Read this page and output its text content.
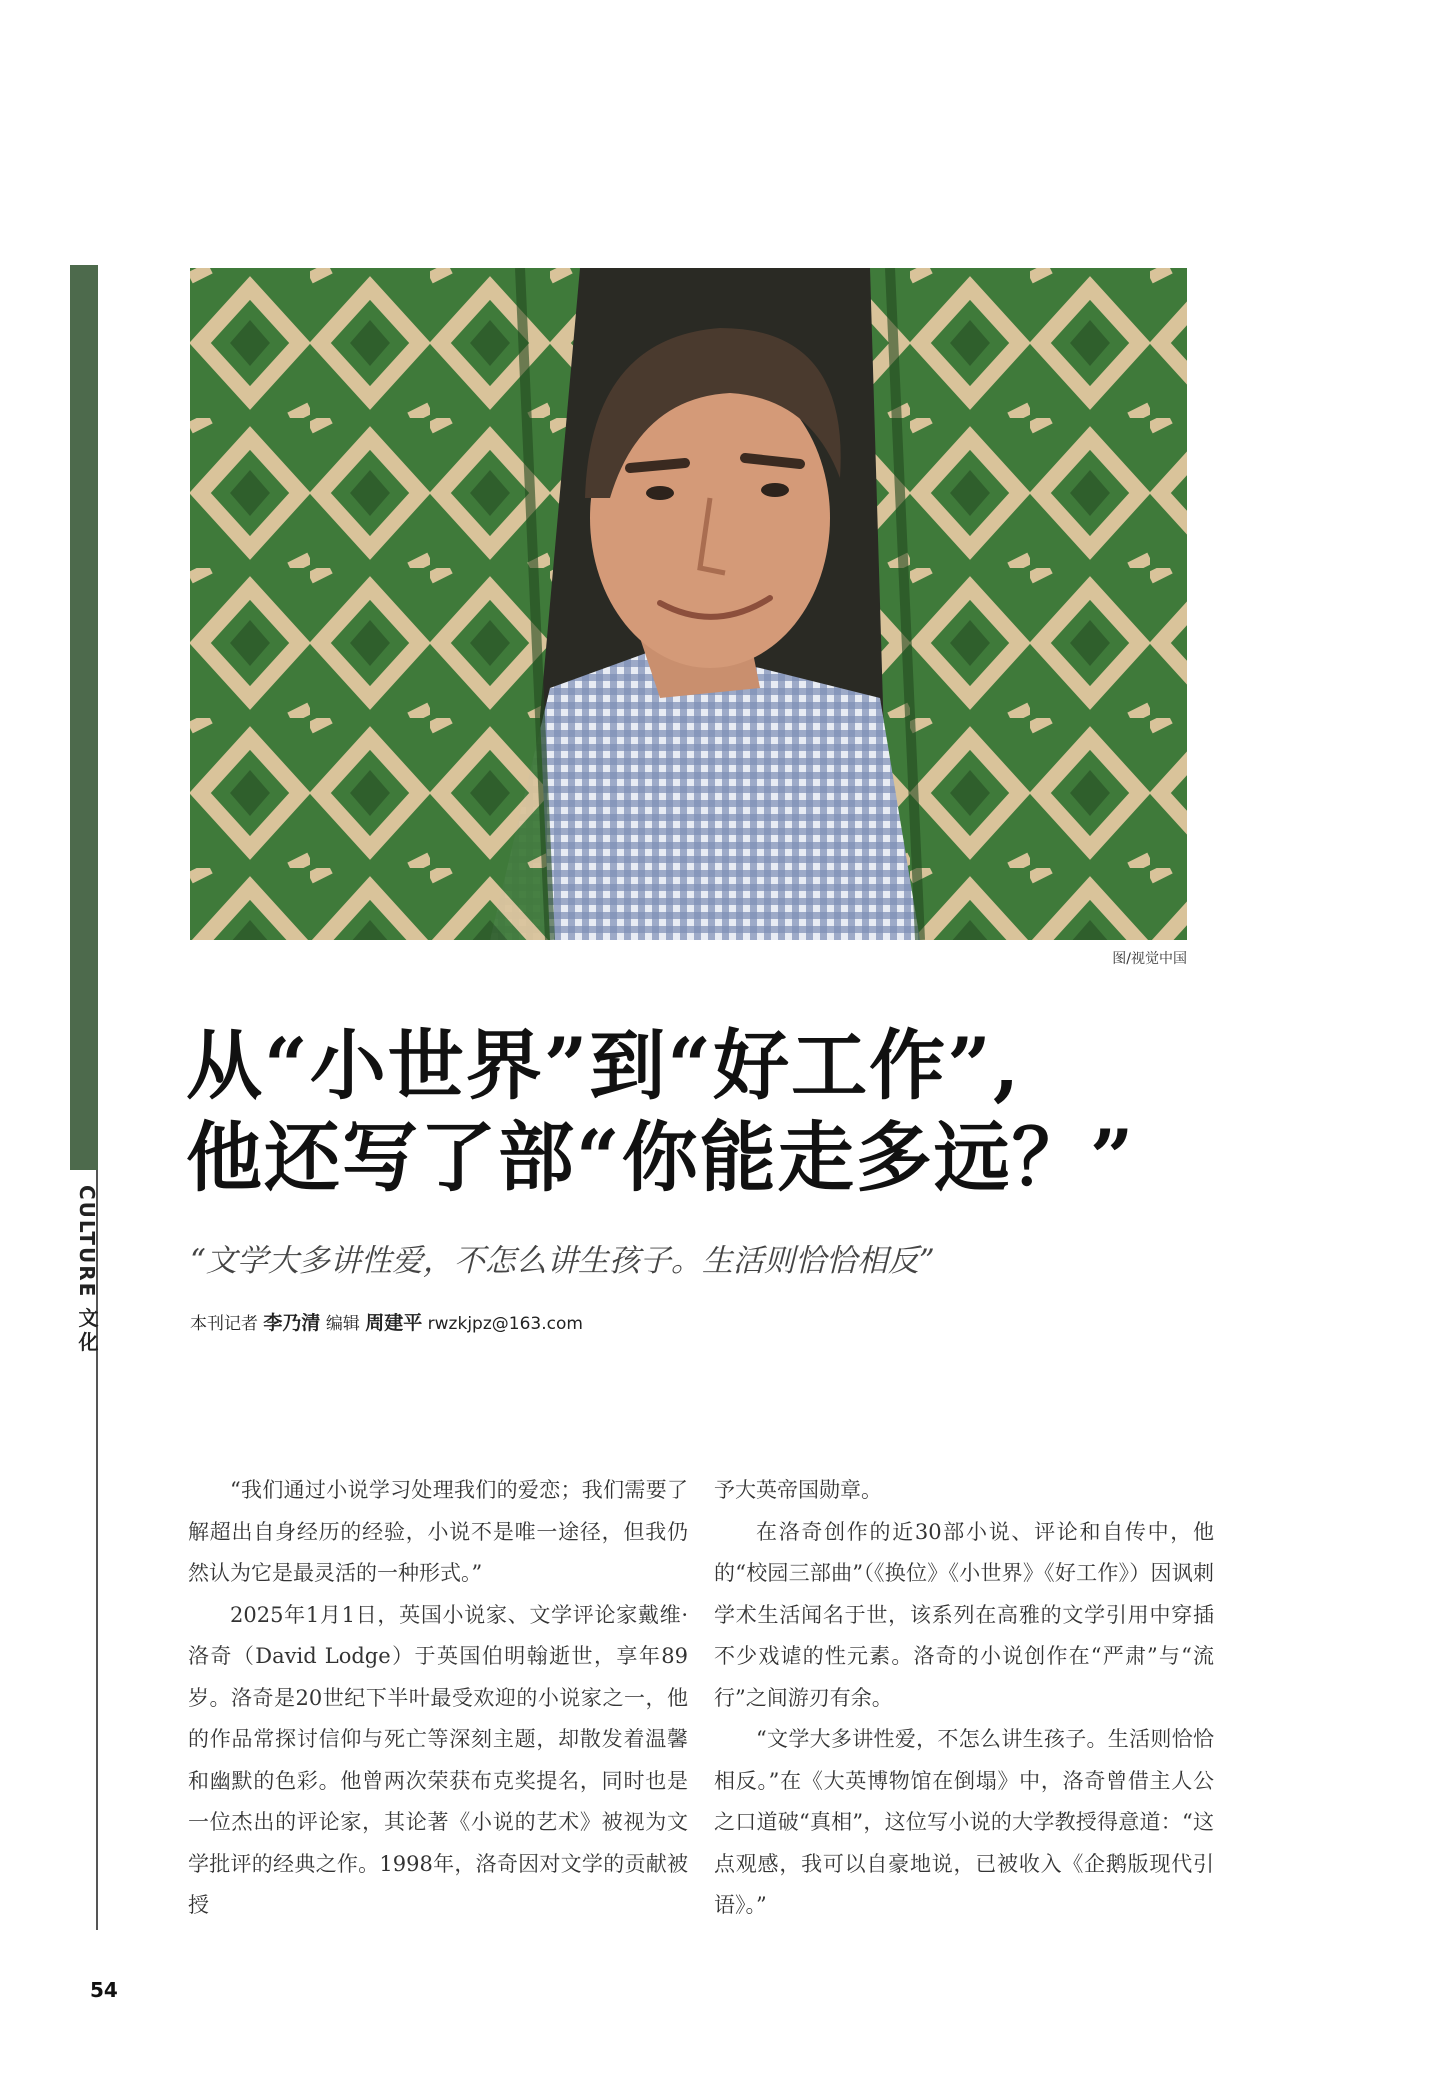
CULTURE 文化
图/视觉中国
从“小世界”到“好工作”,
他还写了部“你能走多远？”
“文学大多讲性爱，不怎么讲生孩子。生活则恰恰相反”
本刊记者 李乃清 编辑 周建平 rwzkjpz@163.com

“我们通过小说学习处理我们的爱恋；我们需要了解超出自身经历的经验，小说不是唯一途径，但我仍然认为它是最灵活的一种形式。”

2025年1月1日，英国小说家、文学评论家戴维·洛奇（David Lodge）于英国伯明翰逝世，享年89岁。洛奇是20世纪下半叶最受欢迎的小说家之一，他的作品常探讨信仰与死亡等深刻主题，却散发着温馨和幽默的色彩。他曾两次荣获布克奖提名，同时也是一位杰出的评论家，其论著《小说的艺术》被视为文学批评的经典之作。1998年，洛奇因对文学的贡献被授

予大英帝国勋章。

在洛奇创作的近30部小说、评论和自传中，他的“校园三部曲”（《换位》《小世界》《好工作》）因讽刺学术生活闻名于世，该系列在高雅的文学引用中穿插不少戏谑的性元素。洛奇的小说创作在“严肃”与“流行”之间游刃有余。

“文学大多讲性爱，不怎么讲生孩子。生活则恰恰相反。”在《大英博物馆在倒塌》中，洛奇曾借主人公之口道破“真相”，这位写小说的大学教授得意道：“这点观感，我可以自豪地说，已被收入《企鹅版现代引语》。”

54
